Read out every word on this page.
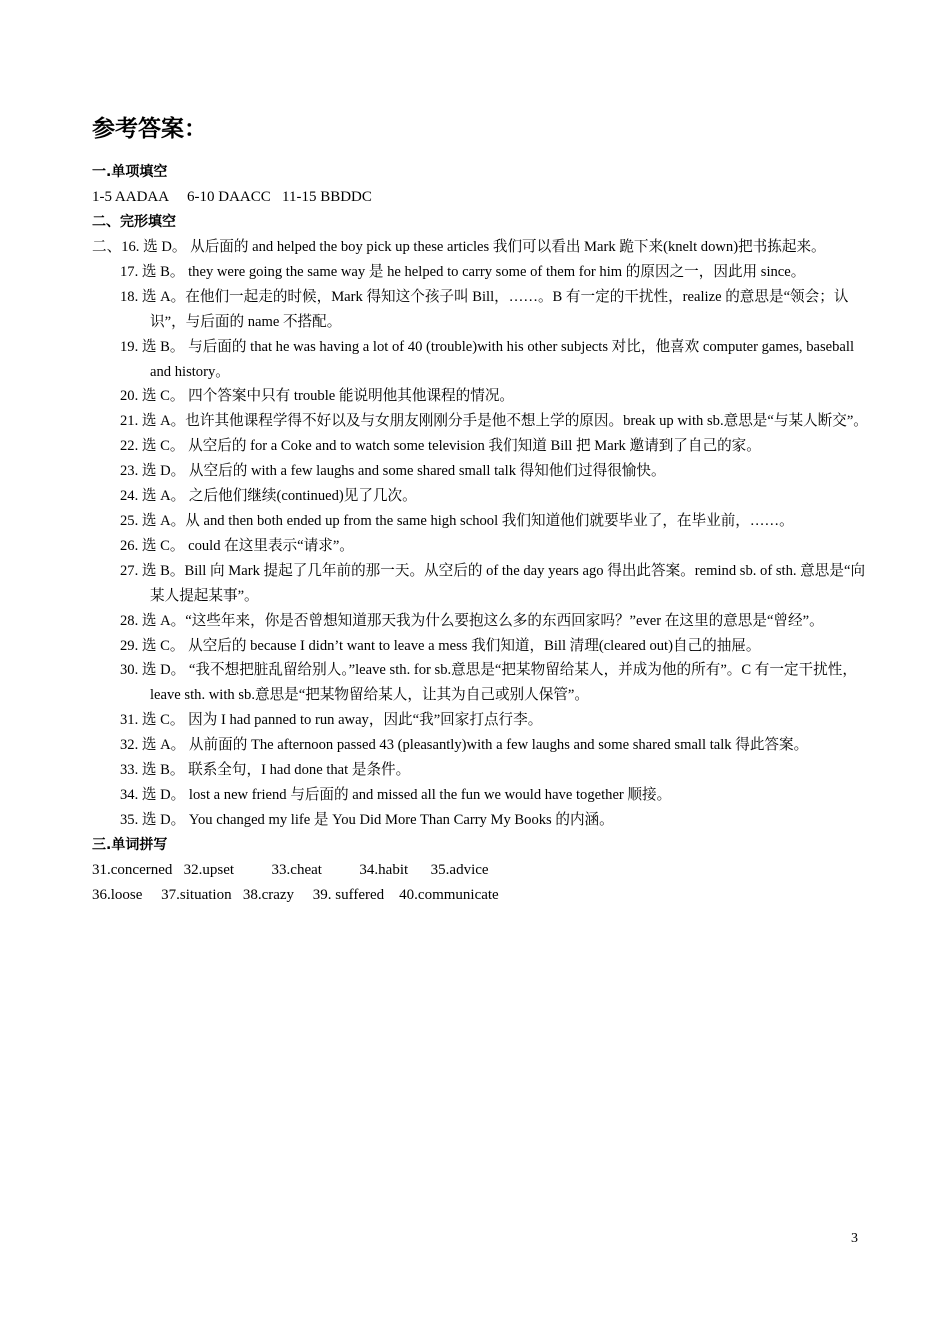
参考答案：

一.单项填空

1-5 AADAA     6-10 DAACC   11-15 BBDDC

二、完形填空

二、16. 选 D。 从后面的 and helped the boy pick up these articles 我们可以看出 Mark 跪下来(knelt down)把书拣起来。

17. 选 B。 they were going the same way 是 he helped to carry some of them for him 的原因之一，因此用 since。

18. 选 A。在他们一起走的时候，Mark 得知这个孩子叫 Bill，……。B 有一定的干扰性，realize 的意思是“领会；认识”，与后面的 name 不搭配。

19. 选 B。 与后面的 that he was having a lot of 40 (trouble)with his other subjects 对比，他喜欢 computer games, baseball and history。

20. 选 C。 四个答案中只有 trouble 能说明他其他课程的情况。

21. 选 A。也许其他课程学得不好以及与女朋友刚刚分手是他不想上学的原因。break up with sb.意思是“与某人断交”。

22. 选 C。 从空后的 for a Coke and to watch some television 我们知道 Bill 把 Mark 邀请到了自己的家。

23. 选 D。 从空后的 with a few laughs and some shared small talk 得知他们过得很愉快。

24. 选 A。 之后他们继续(continued)见了几次。

25. 选 A。从 and then both ended up from the same high school 我们知道他们就要毕业了，在毕业前，……。

26. 选 C。 could 在这里表示“请求”。

27. 选 B。Bill 向 Mark 提起了几年前的那一天。从空后的 of the day years ago 得出此答案。remind sb. of sth. 意思是“向某人提起某事”。

28. 选 A。“这些年来，你是否曾想知道那天我为什么要抱这么多的东西回家吗？”ever 在这里的意思是“曾经”。

29. 选 C。 从空后的 because I didn’t want to leave a mess 我们知道，Bill 清理(cleared out)自己的抽屉。

30. 选 D。 “我不想把脏乱留给别人。”leave sth. for sb.意思是“把某物留给某人，并成为他的所有”。C 有一定干扰性，leave sth. with sb.意思是“把某物留给某人，让其为自己或别人保管”。

31. 选 C。 因为 I had panned to run away，因此“我”回家打点行李。

32. 选 A。 从前面的 The afternoon passed 43 (pleasantly)with a few laughs and some shared small talk 得此答案。

33. 选 B。 联系全句，I had done that 是条件。

34. 选 D。 lost a new friend 与后面的 and missed all the fun we would have together 顺接。

35. 选 D。 You changed my life 是 You Did More Than Carry My Books 的内涵。

三.单词拼写

31.concerned   32.upset          33.cheat          34.habit      35.advice

36.loose     37.situation   38.crazy     39. suffered    40.communicate

3
